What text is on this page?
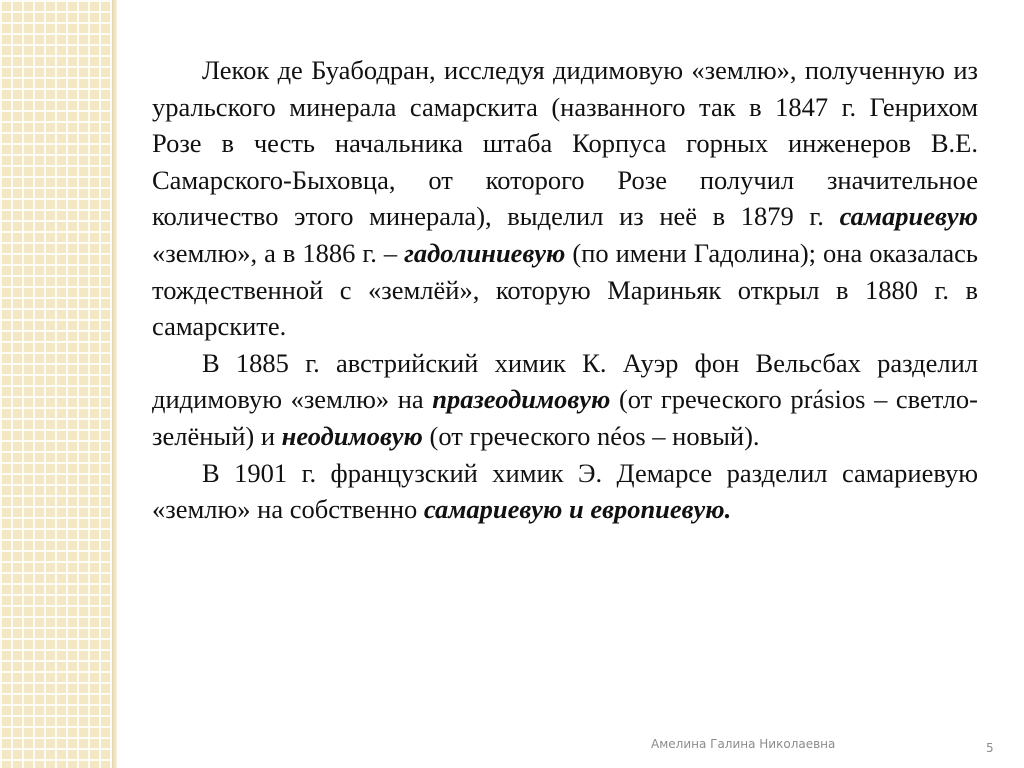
Лекок де Буабодран, исследуя дидимовую «землю», полученную из уральского минерала самарскита (названного так в 1847 г. Генрихом Розе в честь начальника штаба Корпуса горных инженеров В.Е. Самарского-Быховца, от которого Розе получил значительное количество этого минерала), выделил из неё в 1879 г. самариевую «землю», а в 1886 г. – гадолиниевую (по имени Гадолина); она оказалась тождественной с «землёй», которую Мариньяк открыл в 1880 г. в самарските.

В 1885 г. австрийский химик К. Ауэр фон Вельсбах разделил дидимовую «землю» на празеодимовую (от греческого prásios – светло-зелёный) и неодимовую (от греческого néos – новый).

В 1901 г. французский химик Э. Демарсе разделил самариевую «землю» на собственно самариевую и европиевую.

Амелина Галина Николаевна	5
